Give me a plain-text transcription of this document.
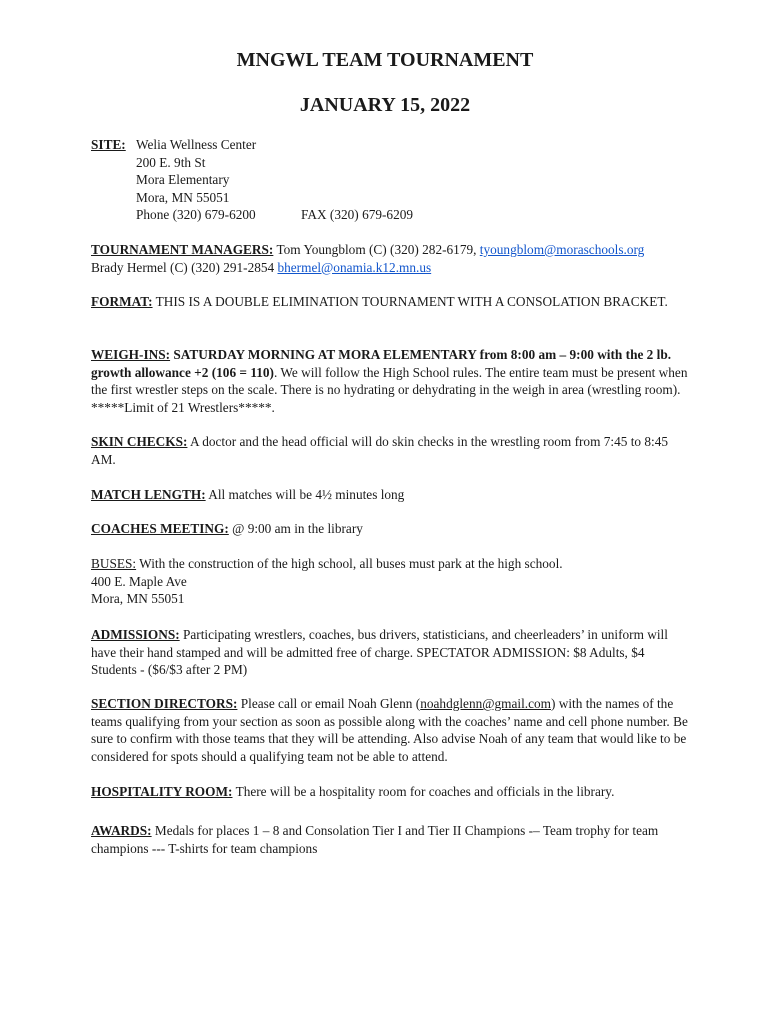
MNGWL TEAM TOURNAMENT
JANUARY 15, 2022
SITE:	Welia Wellness Center
	200 E. 9th St
	Mora Elementary
	Mora, MN 55051
	Phone (320) 679-6200 FAX (320) 679-6209
TOURNAMENT MANAGERS: Tom Youngblom (C) (320) 282-6179, tyoungblom@moraschools.org
Brady Hermel (C) (320) 291-2854 bhermel@onamia.k12.mn.us
FORMAT: THIS IS A DOUBLE ELIMINATION TOURNAMENT WITH A CONSOLATION BRACKET.
WEIGH-INS: SATURDAY MORNING AT MORA ELEMENTARY from 8:00 am – 9:00 with the 2 lb. growth allowance +2 (106 = 110). We will follow the High School rules. The entire team must be present when the first wrestler steps on the scale. There is no hydrating or dehydrating in the weigh in area (wrestling room). *****Limit of 21 Wrestlers*****.
SKIN CHECKS: A doctor and the head official will do skin checks in the wrestling room from 7:45 to 8:45 AM.
MATCH LENGTH: All matches will be 4½ minutes long
COACHES MEETING: @ 9:00 am in the library
BUSES: With the construction of the high school, all buses must park at the high school.
400 E. Maple Ave
Mora, MN 55051
ADMISSIONS: Participating wrestlers, coaches, bus drivers, statisticians, and cheerleaders’ in uniform will have their hand stamped and will be admitted free of charge. SPECTATOR ADMISSION: $8 Adults, $4 Students - ($6/$3 after 2 PM)
SECTION DIRECTORS: Please call or email Noah Glenn (noahdglenn@gmail.com) with the names of the teams qualifying from your section as soon as possible along with the coaches’ name and cell phone number. Be sure to confirm with those teams that they will be attending. Also advise Noah of any team that would like to be considered for spots should a qualifying team not be able to attend.
HOSPITALITY ROOM: There will be a hospitality room for coaches and officials in the library.
AWARDS: Medals for places 1 – 8 and Consolation Tier I and Tier II Champions -– Team trophy for team champions --- T-shirts for team champions
